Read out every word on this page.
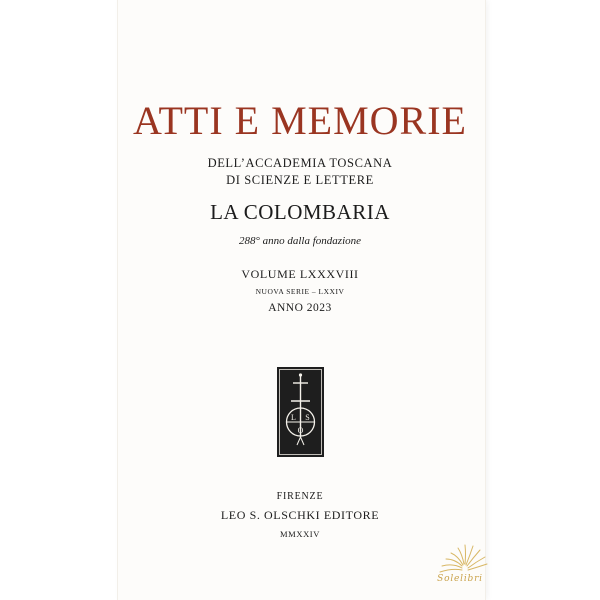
ATTI E MEMORIE
DELL’ACCADEMIA TOSCANA
DI SCIENZE E LETTERE
LA COLOMBARIA
288° anno dalla fondazione
VOLUME LXXXVIII
NUOVA SERIE – LXXIV
ANNO 2023
L S
O
FIRENZE
LEO S. OLSCHKI EDITORE
MMXXIV
Solelibri
